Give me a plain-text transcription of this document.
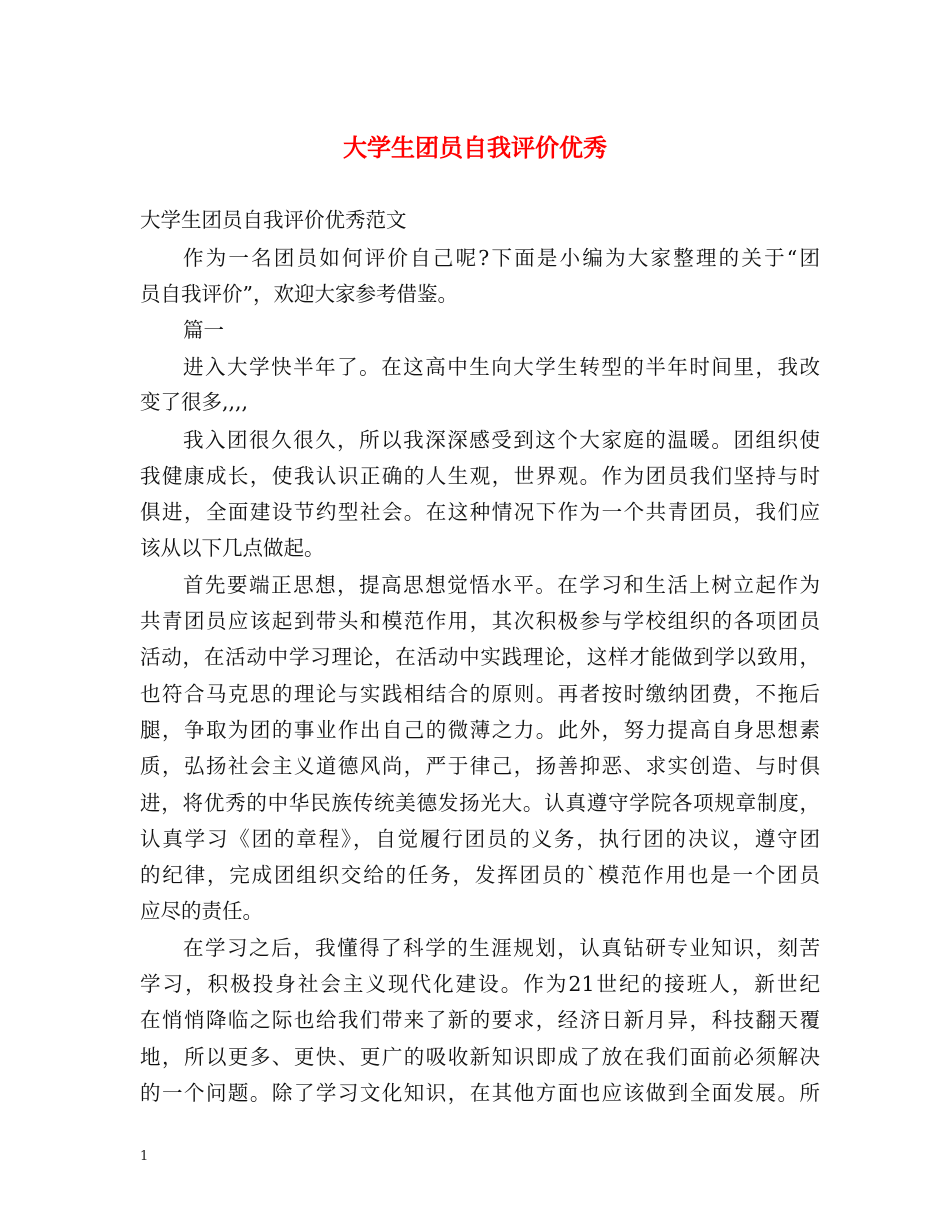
大学生团员自我评价优秀

大学生团员自我评价优秀范文

作为一名团员如何评价自己呢?下面是小编为大家整理的关于“团

员自我评价”，欢迎大家参考借鉴。

篇一

进入大学快半年了。在这高中生向大学生转型的半年时间里，我改

变了很多,,,,

我入团很久很久，所以我深深感受到这个大家庭的温暖。团组织使

我健康成长，使我认识正确的人生观，世界观。作为团员我们坚持与时

俱进，全面建设节约型社会。在这种情况下作为一个共青团员，我们应

该从以下几点做起。

首先要端正思想，提高思想觉悟水平。在学习和生活上树立起作为

共青团员应该起到带头和模范作用，其次积极参与学校组织的各项团员

活动，在活动中学习理论，在活动中实践理论，这样才能做到学以致用，

也符合马克思的理论与实践相结合的原则。再者按时缴纳团费，不拖后

腿，争取为团的事业作出自己的微薄之力。此外，努力提高自身思想素

质，弘扬社会主义道德风尚，严于律己，扬善抑恶、求实创造、与时俱

进，将优秀的中华民族传统美德发扬光大。认真遵守学院各项规章制度，

认真学习《团的章程》，自觉履行团员的义务，执行团的决议，遵守团

的纪律，完成团组织交给的任务，发挥团员的`模范作用也是一个团员

应尽的责任。

在学习之后，我懂得了科学的生涯规划，认真钻研专业知识，刻苦

学习，积极投身社会主义现代化建设。作为21世纪的接班人，新世纪

在悄悄降临之际也给我们带来了新的要求，经济日新月异，科技翻天覆

地，所以更多、更快、更广的吸收新知识即成了放在我们面前必须解决

的一个问题。除了学习文化知识，在其他方面也应该做到全面发展。所

1
